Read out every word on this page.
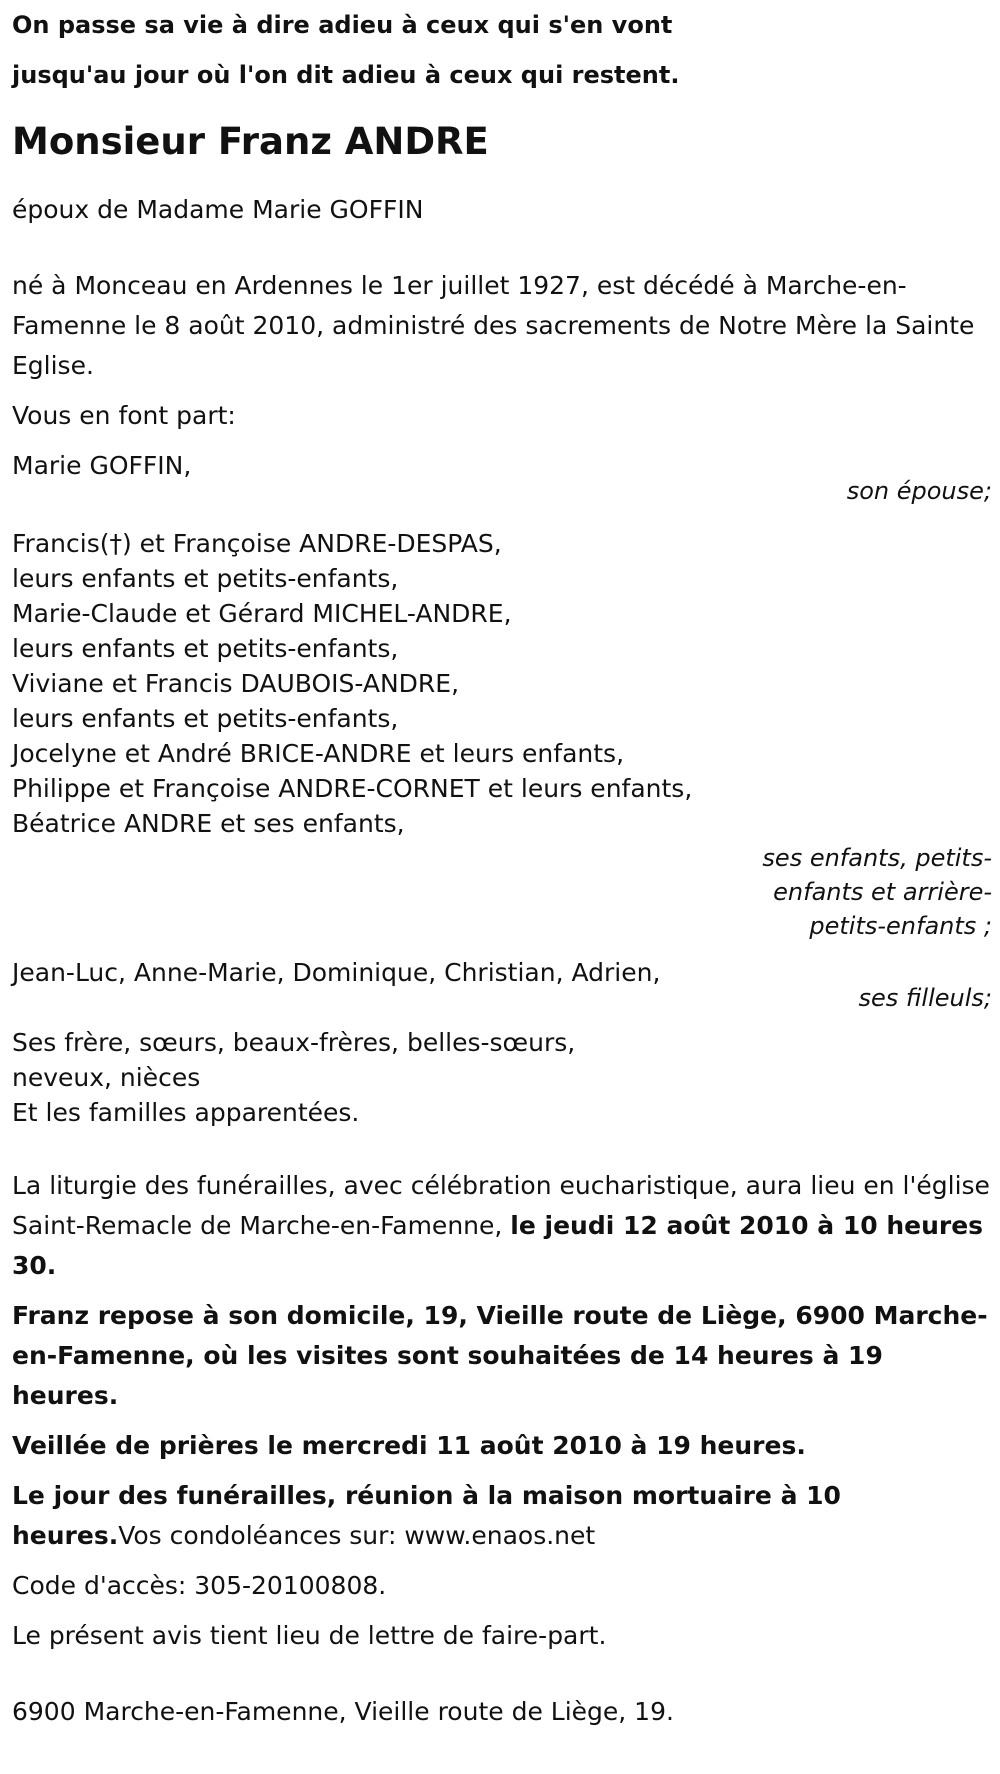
On passe sa vie à dire adieu à ceux qui s'en vont

jusqu'au jour où l'on dit adieu à ceux qui restent.

Monsieur Franz ANDRE

époux de Madame Marie GOFFIN

né à Monceau en Ardennes le 1er juillet 1927, est décédé à Marche-en-Famenne le 8 août 2010, administré des sacrements de Notre Mère la Sainte Eglise.

Vous en font part:

Marie GOFFIN,

son épouse;

Francis(†) et Françoise ANDRE-DESPAS,

leurs enfants et petits-enfants,

Marie-Claude et Gérard MICHEL-ANDRE,

leurs enfants et petits-enfants,

Viviane et Francis DAUBOIS-ANDRE,

leurs enfants et petits-enfants,

Jocelyne et André BRICE-ANDRE et leurs enfants,

Philippe et Françoise ANDRE-CORNET et leurs enfants,

Béatrice ANDRE et ses enfants,

ses enfants, petits-
enfants et arrière-
petits-enfants ;

Jean-Luc, Anne-Marie, Dominique, Christian, Adrien,

ses filleuls;

Ses frère, sœurs, beaux-frères, belles-sœurs,

neveux, nièces

Et les familles apparentées.

La liturgie des funérailles, avec célébration eucharistique, aura lieu en l'église Saint-Remacle de Marche-en-Famenne, le jeudi 12 août 2010 à 10 heures 30.

Franz repose à son domicile, 19, Vieille route de Liège, 6900 Marche-en-Famenne, où les visites sont souhaitées de 14 heures à 19 heures.

Veillée de prières le mercredi 11 août 2010 à 19 heures.

Le jour des funérailles, réunion à la maison mortuaire à 10 heures.Vos condoléances sur: www.enaos.net

Code d'accès: 305-20100808.

Le présent avis tient lieu de lettre de faire-part.

6900 Marche-en-Famenne, Vieille route de Liège, 19.
